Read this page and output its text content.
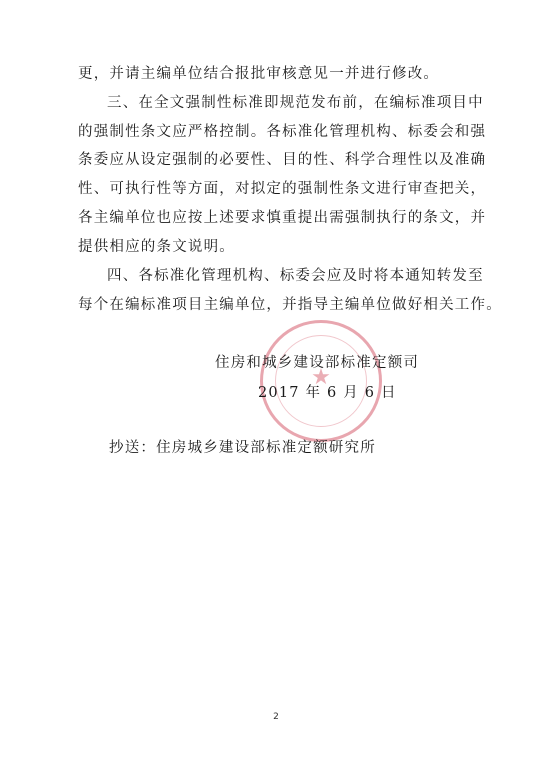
更，并请主编单位结合报批审核意见一并进行修改。
三、在全文强制性标准即规范发布前，在编标准项目中
的强制性条文应严格控制。各标准化管理机构、标委会和强
条委应从设定强制的必要性、目的性、科学合理性以及准确
性、可执行性等方面，对拟定的强制性条文进行审查把关，
各主编单位也应按上述要求慎重提出需强制执行的条文，并
提供相应的条文说明。
四、各标准化管理机构、标委会应及时将本通知转发至
每个在编标准项目主编单位，并指导主编单位做好相关工作。
★
住房和城乡建设部标准定额司
2017 年 6 月 6 日
抄送：住房城乡建设部标准定额研究所
2
